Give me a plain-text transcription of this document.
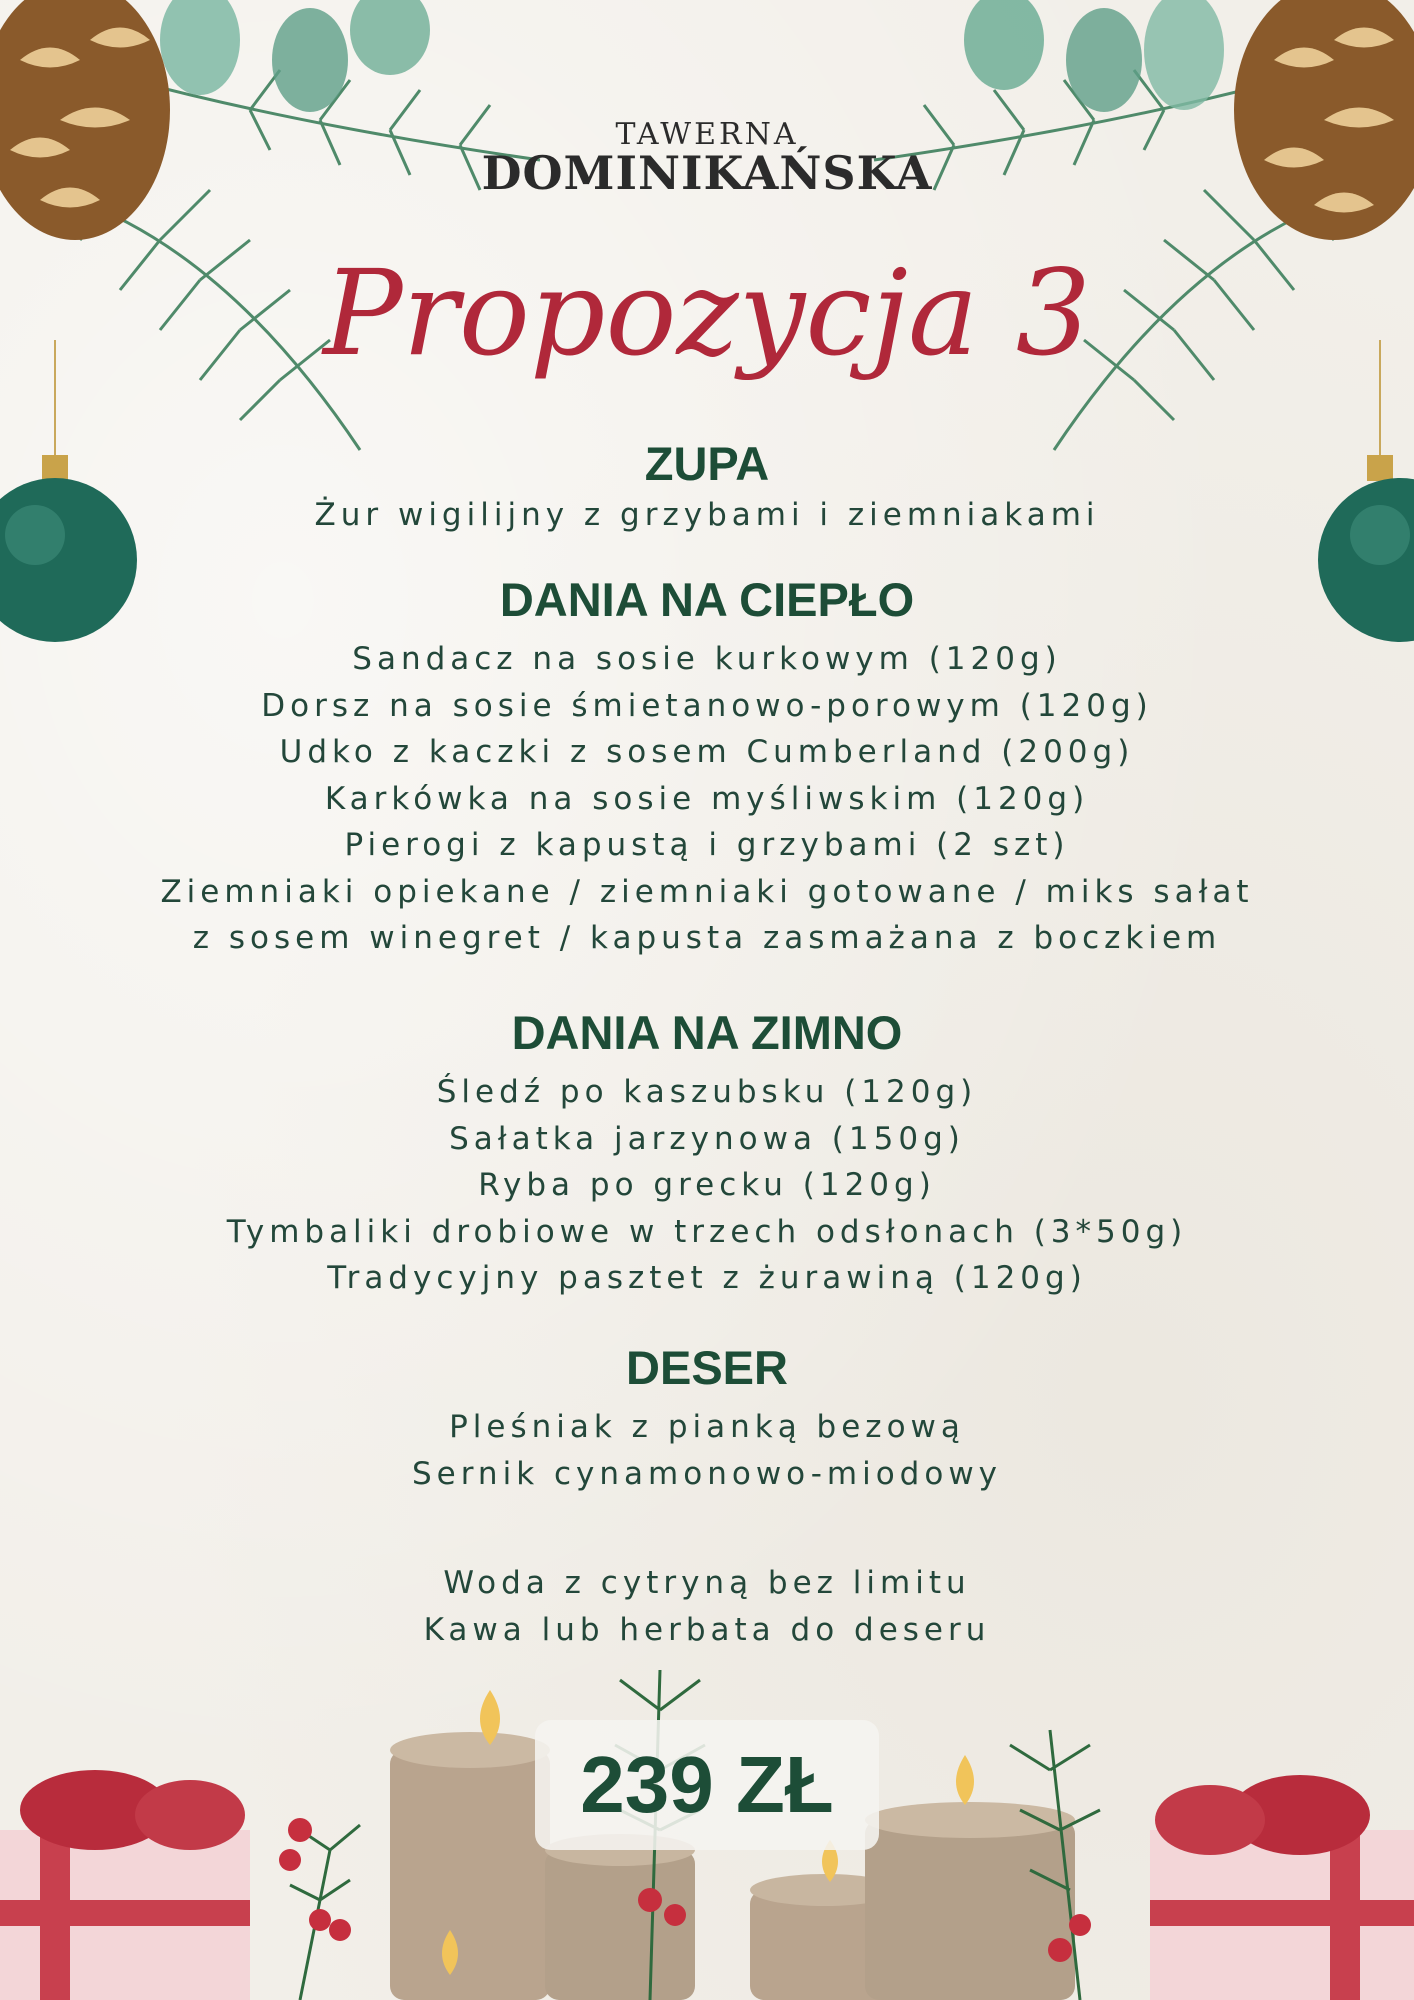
TAWERNA
DOMINIKAŃSKA
Propozycja 3
ZUPA
Żur wigilijny z grzybami i ziemniakami
DANIA NA CIEPŁO
Sandacz na sosie kurkowym (120g)
Dorsz na sosie śmietanowo-porowym (120g)
Udko z kaczki z sosem Cumberland (200g)
Karkówka na sosie myśliwskim (120g)
Pierogi z kapustą i grzybami (2 szt)
Ziemniaki opiekane / ziemniaki gotowane / miks sałat
z sosem winegret / kapusta zasmażana z boczkiem
DANIA NA ZIMNO
Śledź po kaszubsku (120g)
Sałatka jarzynowa (150g)
Ryba po grecku (120g)
Tymbaliki drobiowe w trzech odsłonach (3*50g)
Tradycyjny pasztet z żurawiną (120g)
DESER
Pleśniak z pianką bezową
Sernik cynamonowo-miodowy
Woda z cytryną bez limitu
Kawa lub herbata do deseru
239 ZŁ
